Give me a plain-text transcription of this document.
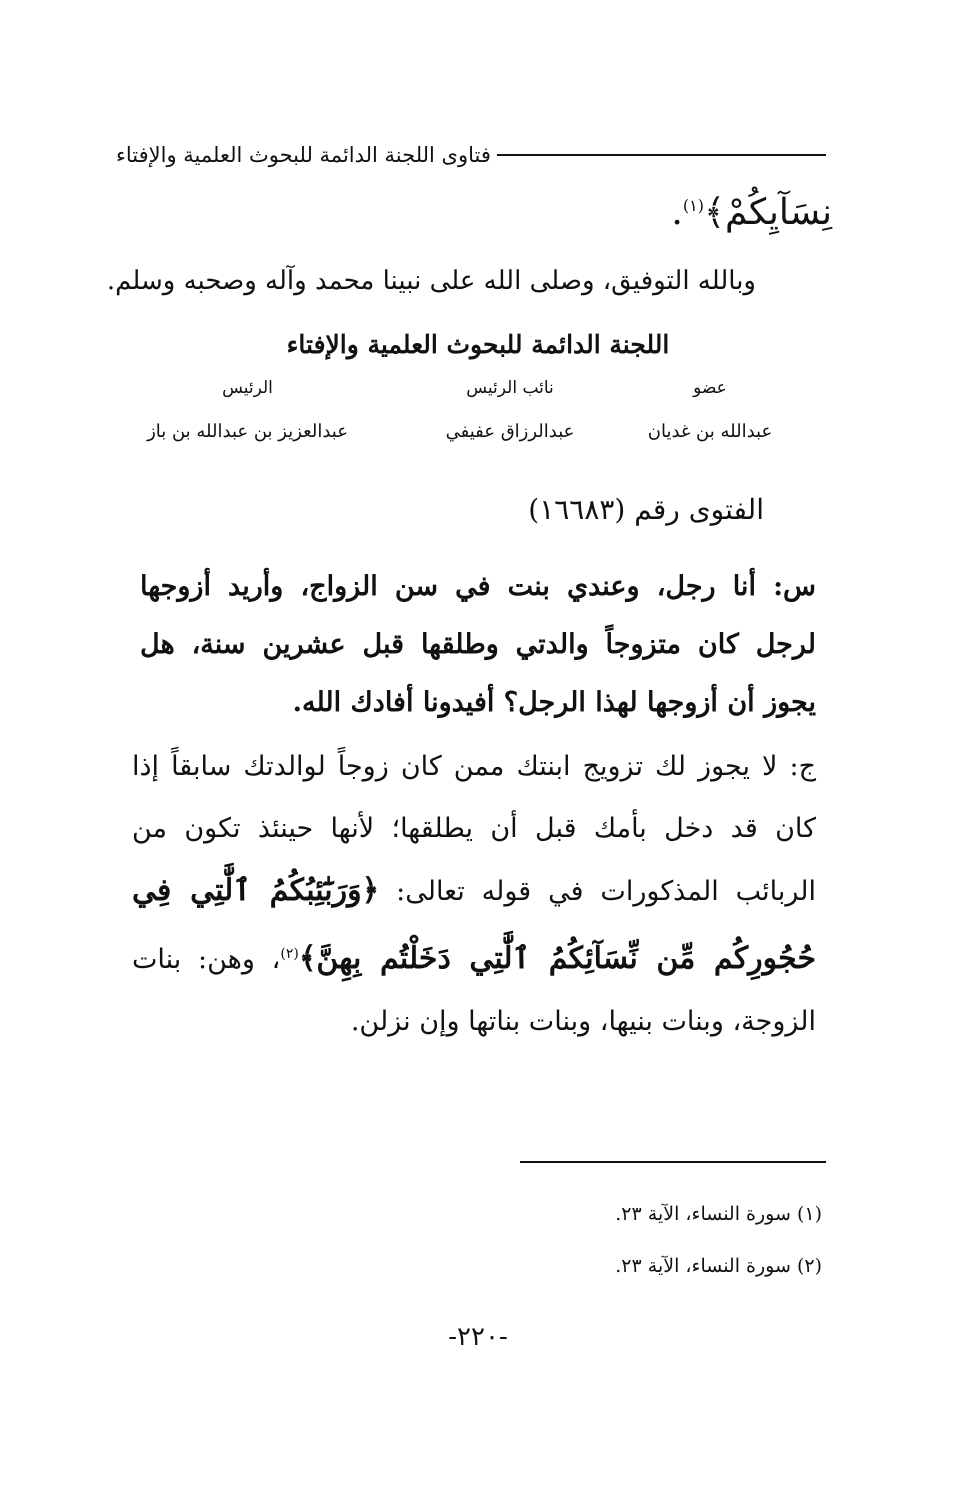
فتاوى اللجنة الدائمة للبحوث العلمية والإفتاء
نِسَآيِكُمْ﴾$^{(١)}$.
وبالله التوفيق، وصلى الله على نبينا محمد وآله وصحبه وسلم.
اللجنة الدائمة للبحوث العلمية والإفتاء
عضو
عبدالله بن غديان
نائب الرئيس
عبدالرزاق عفيفي
الرئيس
عبدالعزيز بن عبدالله بن باز
الفتوى رقم (١٦٦٨٣)
س: أنا رجل، وعندي بنت في سن الزواج، وأريد أزوجها لرجل كان متزوجاً والدتي وطلقها قبل عشرين سنة، هل يجوز أن أزوجها لهذا الرجل؟ أفيدونا أفادك الله.
ج: لا يجوز لك تزويج ابنتك ممن كان زوجاً لوالدتك سابقاً إذا كان قد دخل بأمك قبل أن يطلقها؛ لأنها حينئذ تكون من الربائب المذكورات في قوله تعالى: ﴿وَرَبَٰٓئِبُكُمُ ٱلَّٰتِي فِي حُجُورِكُم مِّن نِّسَآئِكُمُ ٱلَّٰتِي دَخَلْتُم بِهِنَّ﴾$^{(٢)}$، وهن: بنات الزوجة، وبنات بنيها، وبنات بناتها وإن نزلن.
(١) سورة النساء، الآية ٢٣.
(٢) سورة النساء، الآية ٢٣.
-٢٢٠-
